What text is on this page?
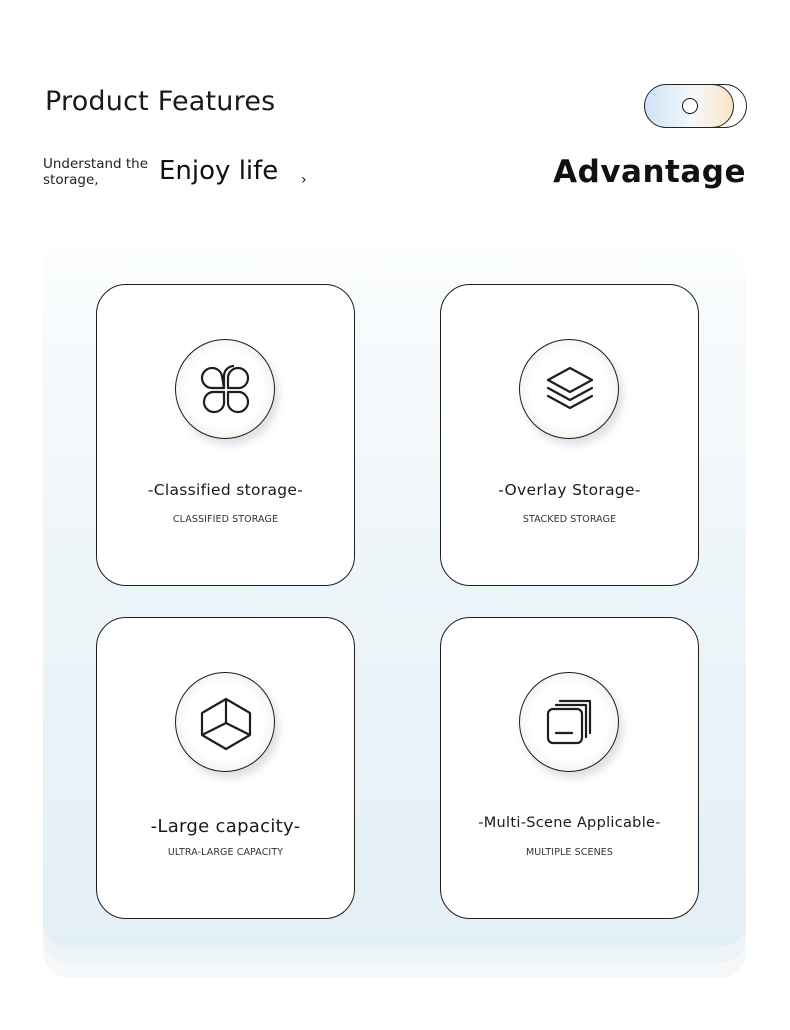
Product Features
Understand the storage,	Enjoy life ›	Advantage
-Classified storage-
CLASSIFIED STORAGE
-Overlay Storage-
STACKED STORAGE
-Large capacity-
ULTRA-LARGE CAPACITY
-Multi-Scene Applicable-
MULTIPLE SCENES
